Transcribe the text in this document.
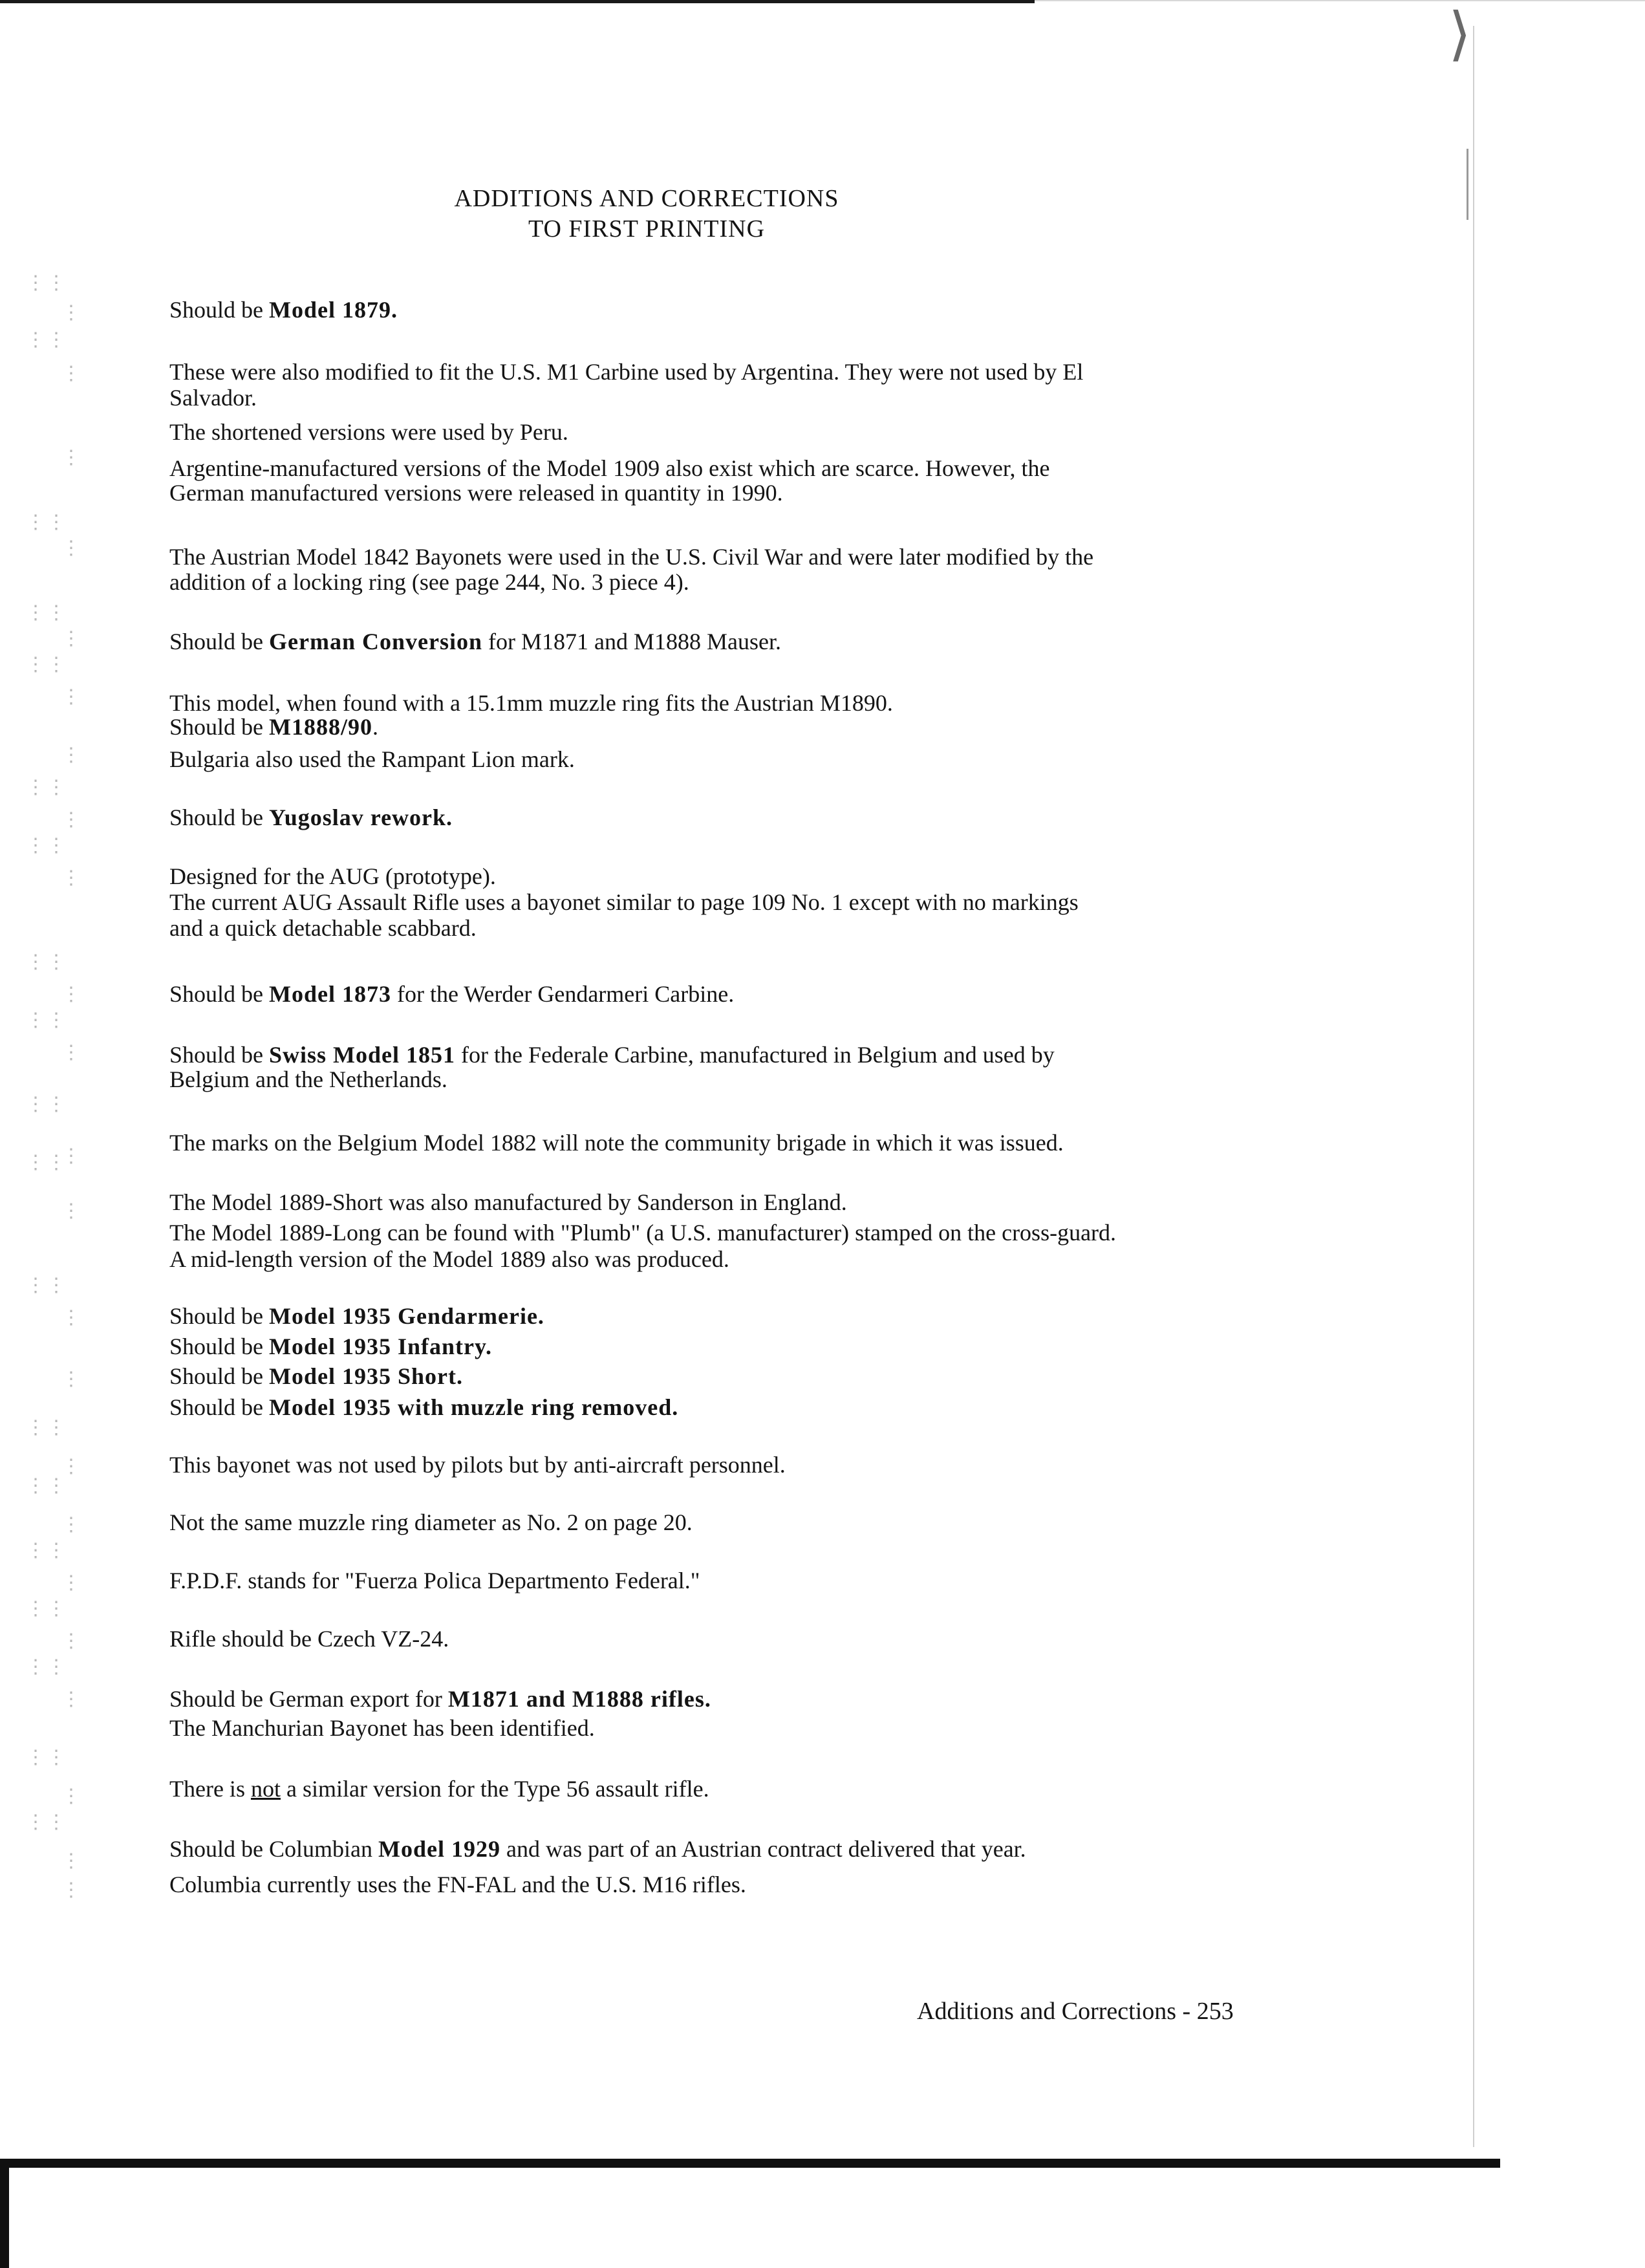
⟩
ADDITIONS AND CORRECTIONS
TO FIRST PRINTING
⋮⋮
⋮
⋮⋮
⋮
⋮
⋮⋮
⋮
⋮⋮
⋮
⋮⋮
⋮
⋮
⋮⋮
⋮
⋮⋮
⋮
⋮⋮
⋮
⋮⋮
⋮
⋮⋮
⋮
⋮⋮
⋮
⋮⋮
⋮
⋮
⋮⋮
⋮
⋮⋮
⋮
⋮⋮
⋮
⋮⋮
⋮
⋮⋮
⋮
⋮⋮
⋮
⋮⋮
⋮
⋮
Should be Model 1879.
These were also modified to fit the U.S. M1 Carbine used by Argentina. They were not used by El
Salvador.
The shortened versions were used by Peru.
Argentine-manufactured versions of the Model 1909 also exist which are scarce. However, the
German manufactured versions were released in quantity in 1990.
The Austrian Model 1842 Bayonets were used in the U.S. Civil War and were later modified by the
addition of a locking ring (see page 244, No. 3 piece 4).
Should be German Conversion for M1871 and M1888 Mauser.
This model, when found with a 15.1mm muzzle ring fits the Austrian M1890.
Should be M1888/90.
Bulgaria also used the Rampant Lion mark.
Should be Yugoslav rework.
Designed for the AUG (prototype).
The current AUG Assault Rifle uses a bayonet similar to page 109 No. 1 except with no markings
and a quick detachable scabbard.
Should be Model 1873 for the Werder Gendarmeri Carbine.
Should be Swiss Model 1851 for the Federale Carbine, manufactured in Belgium and used by
Belgium and the Netherlands.
The marks on the Belgium Model 1882 will note the community brigade in which it was issued.
The Model 1889-Short was also manufactured by Sanderson in England.
The Model 1889-Long can be found with "Plumb" (a U.S. manufacturer) stamped on the cross-guard.
A mid-length version of the Model 1889 also was produced.
Should be Model 1935 Gendarmerie.
Should be Model 1935 Infantry.
Should be Model 1935 Short.
Should be Model 1935 with muzzle ring removed.
This bayonet was not used by pilots but by anti-aircraft personnel.
Not the same muzzle ring diameter as No. 2 on page 20.
F.P.D.F. stands for "Fuerza Polica Departmento Federal."
Rifle should be Czech VZ-24.
Should be German export for M1871 and M1888 rifles.
The Manchurian Bayonet has been identified.
There is not a similar version for the Type 56 assault rifle.
Should be Columbian Model 1929 and was part of an Austrian contract delivered that year.
Columbia currently uses the FN-FAL and the U.S. M16 rifles.
Additions and Corrections - 253
